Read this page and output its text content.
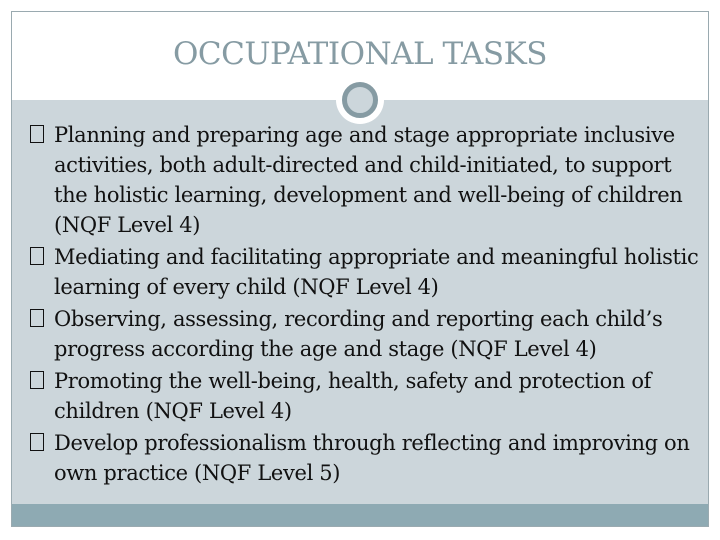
OCCUPATIONAL TASKS
Planning and preparing age and stage appropriate inclusive activities, both adult-directed and child-initiated, to support the holistic learning, development and well-being of children (NQF Level 4)
Mediating and facilitating appropriate and meaningful holistic learning of every child (NQF Level 4)
Observing, assessing, recording and reporting each child’s progress according the age and stage (NQF Level 4)
Promoting the well-being, health, safety and protection of children (NQF Level 4)
Develop professionalism through reflecting and improving on own practice (NQF Level 5)
